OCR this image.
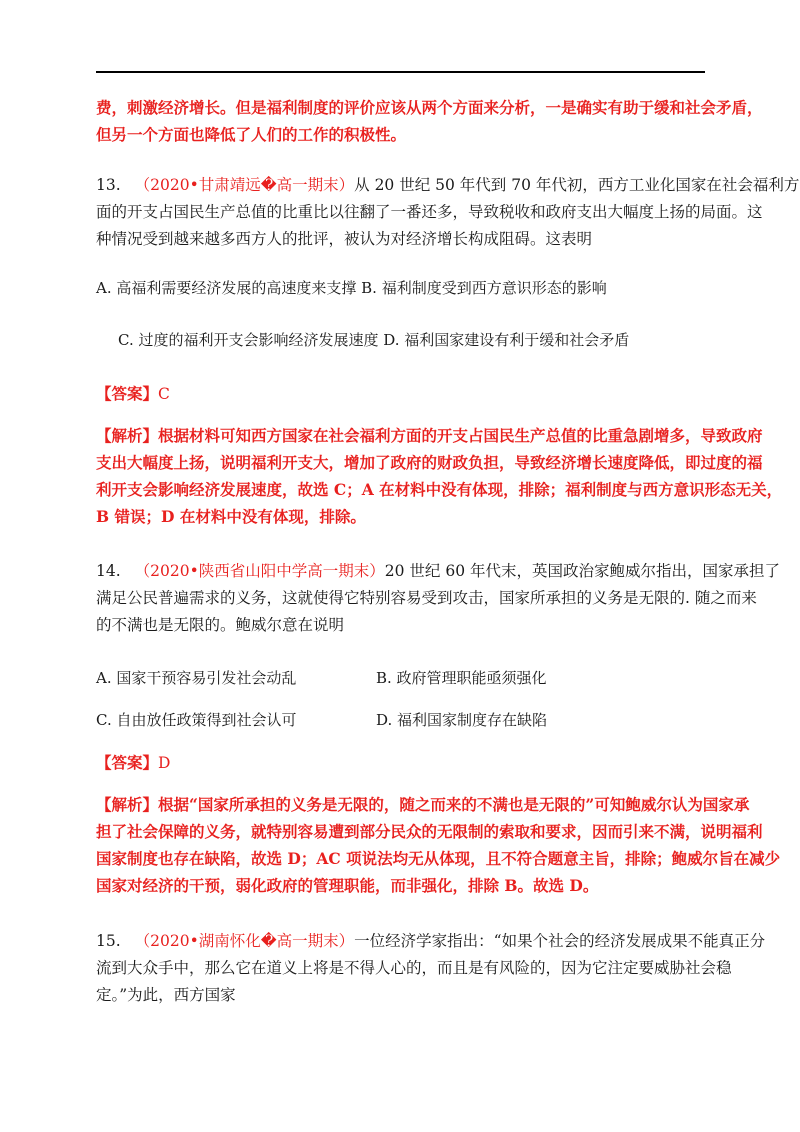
费，刺激经济增长。但是福利制度的评价应该从两个方面来分析，一是确实有助于缓和社会矛盾，
但另一个方面也降低了人们的工作的积极性。
13. （2020•甘肃靖远�高一期末）从 20 世纪 50 年代到 70 年代初，西方工业化国家在社会福利方
面的开支占国民生产总值的比重比以往翻了一番还多，导致税收和政府支出大幅度上扬的局面。这
种情况受到越来越多西方人的批评，被认为对经济增长构成阻碍。这表明
A. 高福利需要经济发展的高速度来支撑 B. 福利制度受到西方意识形态的影响
C. 过度的福利开支会影响经济发展速度 D. 福利国家建设有利于缓和社会矛盾
【答案】C
【解析】根据材料可知西方国家在社会福利方面的开支占国民生产总值的比重急剧增多，导致政府
支出大幅度上扬，说明福利开支大，增加了政府的财政负担，导致经济增长速度降低，即过度的福
利开支会影响经济发展速度，故选 C；A 在材料中没有体现，排除；福利制度与西方意识形态无关，
B 错误；D 在材料中没有体现，排除。
14. （2020•陕西省山阳中学高一期末）20 世纪 60 年代末，英国政治家鲍威尔指出，国家承担了
满足公民普遍需求的义务，这就使得它特别容易受到攻击，国家所承担的义务是无限的. 随之而来
的不满也是无限的。鲍威尔意在说明
A. 国家干预容易引发社会动乱	B. 政府管理职能亟须强化
C. 自由放任政策得到社会认可	D. 福利国家制度存在缺陷
【答案】D
【解析】根据“国家所承担的义务是无限的，随之而来的不满也是无限的”可知鲍威尔认为国家承
担了社会保障的义务，就特别容易遭到部分民众的无限制的索取和要求，因而引来不满，说明福利
国家制度也存在缺陷，故选 D；AC 项说法均无从体现，且不符合题意主旨，排除；鲍威尔旨在减少
国家对经济的干预，弱化政府的管理职能，而非强化，排除 B。故选 D。
15. （2020•湖南怀化�高一期末）一位经济学家指出：“如果个社会的经济发展成果不能真正分
流到大众手中，那么它在道义上将是不得人心的，而且是有风险的，因为它注定要威胁社会稳
定。”为此，西方国家
